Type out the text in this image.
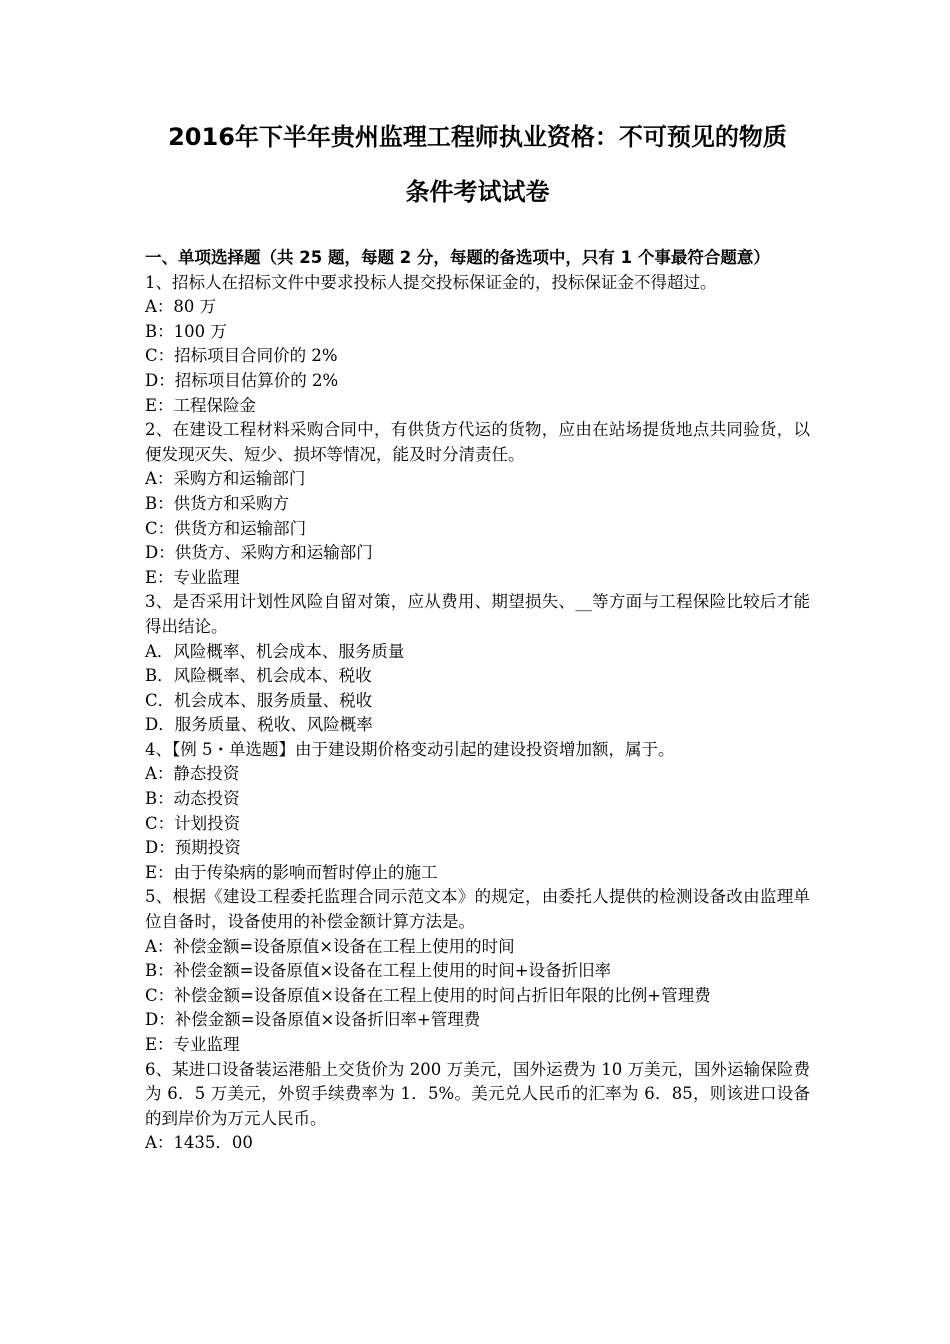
2016年下半年贵州监理工程师执业资格：不可预见的物质
条件考试试卷
一、单项选择题（共 25 题，每题 2 分，每题的备选项中，只有 1 个事最符合题意）
1、招标人在招标文件中要求投标人提交投标保证金的，投标保证金不得超过。
A：80 万
B：100 万
C：招标项目合同价的 2%
D：招标项目估算价的 2%
E：工程保险金
2、在建设工程材料采购合同中，有供货方代运的货物，应由在站场提货地点共同验货，以便发现灭失、短少、损坏等情况，能及时分清责任。
A：采购方和运输部门
B：供货方和采购方
C：供货方和运输部门
D：供货方、采购方和运输部门
E：专业监理
3、是否采用计划性风险自留对策，应从费用、期望损失、__等方面与工程保险比较后才能得出结论。
A．风险概率、机会成本、服务质量
B．风险概率、机会成本、税收
C．机会成本、服务质量、税收
D．服务质量、税收、风险概率
4、【例 5・单选题】由于建设期价格变动引起的建设投资增加额，属于。
A：静态投资
B：动态投资
C：计划投资
D：预期投资
E：由于传染病的影响而暂时停止的施工
5、根据《建设工程委托监理合同示范文本》的规定，由委托人提供的检测设备改由监理单位自备时，设备使用的补偿金额计算方法是。
A：补偿金额=设备原值×设备在工程上使用的时间
B：补偿金额=设备原值×设备在工程上使用的时间+设备折旧率
C：补偿金额=设备原值×设备在工程上使用的时间占折旧年限的比例+管理费
D：补偿金额=设备原值×设备折旧率+管理费
E：专业监理
6、某进口设备装运港船上交货价为 200 万美元，国外运费为 10 万美元，国外运输保险费为 6．5 万美元，外贸手续费率为 1．5%。美元兑人民币的汇率为 6．85，则该进口设备的到岸价为万元人民币。
A：1435．00
